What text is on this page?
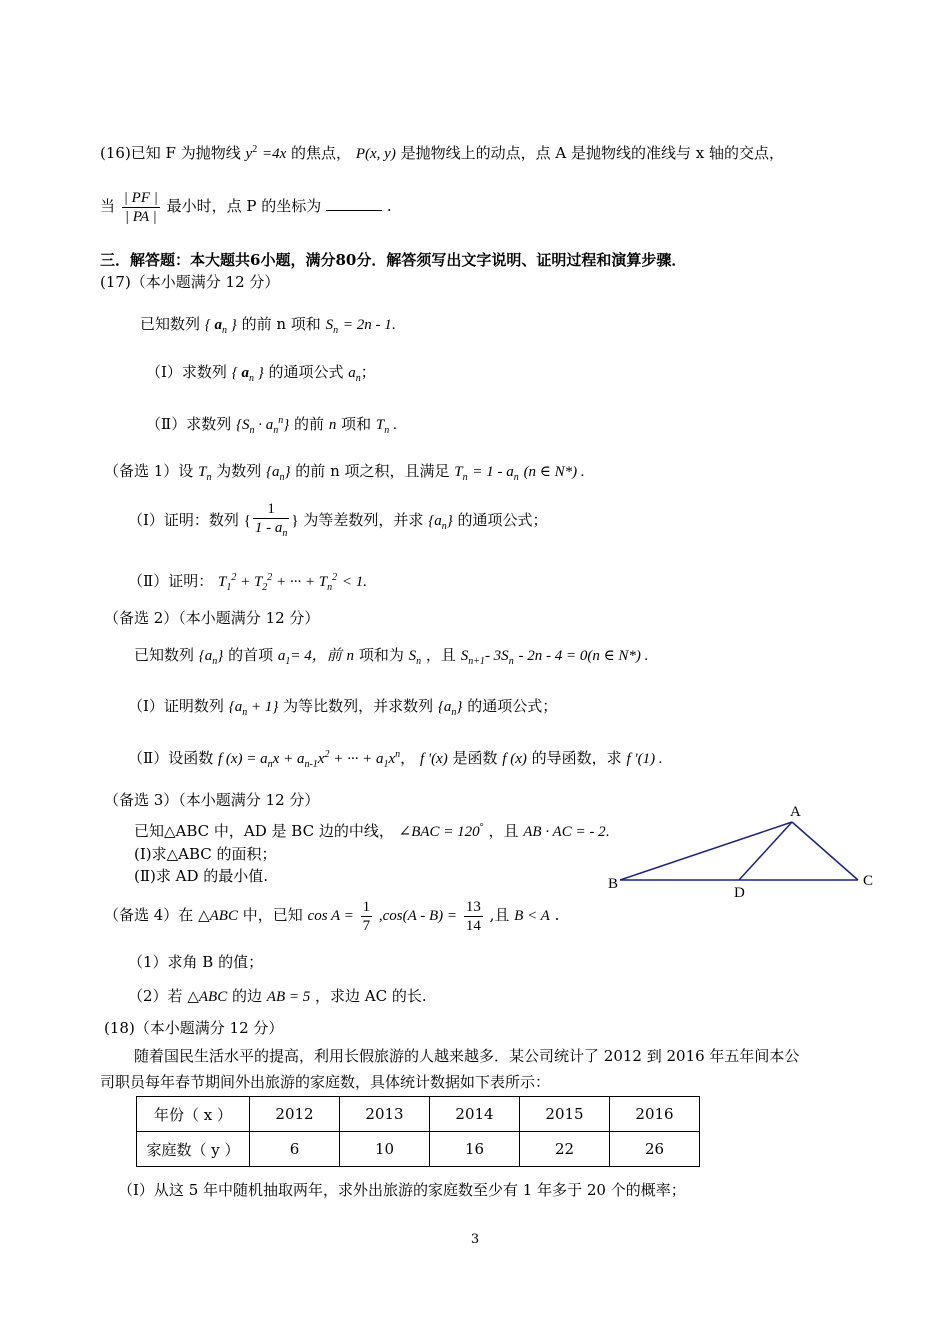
(16)已知 F 为抛物线 $y^2 =4x$ 的焦点， P(x, y) 是抛物线上的动点，点 A 是抛物线的准线与 x 轴的交点，
当 $\frac{| PF |}{| PA |}$ 最小时，点 P 的坐标为	.
三．解答题：本大题共6小题，满分80分．解答须写出文字说明、证明过程和演算步骤．
(17)（本小题满分 12 分）
已知数列 { $a_n$ } 的前 n 项和 $S_n = 2n - 1$.
（Ⅰ）求数列 { $a_n$ } 的通项公式 $a_n$；
（Ⅱ）求数列 $\{S_n \cdot a_n^n\}$ 的前 n 项和 $T_n$ .
（备选 1）设 $T_n$ 为数列 $\{a_n\}$ 的前 n 项之积，且满足 $T_n = 1 - a_n$ (n ∈ N*) .
（Ⅰ）证明：数列 { $\frac{1}{1 - a_n}$ } 为等差数列，并求 $\{a_n\}$ 的通项公式；
（Ⅱ）证明： $T_1^2 + T_2^2$ + ··· + $T_n^2 < 1$.
（备选 2）（本小题满分 12 分）
已知数列 $\{a_n\}$ 的首项 $a_1= 4$，前 n 项和为 $S_n$ ，且 $S_{n+1}-$ $3S_n - 2n - 4 = 0(n$ ∈ N*) .
（Ⅰ）证明数列 $\{a_n + 1\}$ 为等比数列，并求数列 $\{a_n\}$ 的通项公式；
（Ⅱ）设函数 f $(x) = a_nx + a_{n-1}x^2$ + ··· + $a_1x^n$， f '(x) 是函数 f (x) 的导函数，求 f '(1) .
（备选 3）（本小题满分 12 分）
已知△ABC 中，AD 是 BC 边的中线， ∠BAC = 120° ，且 AB · AC = - 2.
(Ⅰ)求△ABC 的面积；
(Ⅱ)求 AD 的最小值.
A
B	C
D
（备选 4）在 △ABC 中，已知 $\cos A = \frac{1}{7} ,\cos(A - B) = \frac{13}{14}$ ,且 B < A .
（1）求角 B 的值；
（2）若 △ABC 的边 AB = 5 ，求边 AC 的长.
(18)（本小题满分 12 分）
随着国民生活水平的提高，利用长假旅游的人越来越多．某公司统计了 2012 到 2016 年五年间本公
司职员每年春节期间外出旅游的家庭数，具体统计数据如下表所示：
年份（ x ）	2012	2013	2014	2015	2016
家庭数（ y ）	6	10	16	22	26
（Ⅰ）从这 5 年中随机抽取两年，求外出旅游的家庭数至少有 1 年多于 20 个的概率；
3
